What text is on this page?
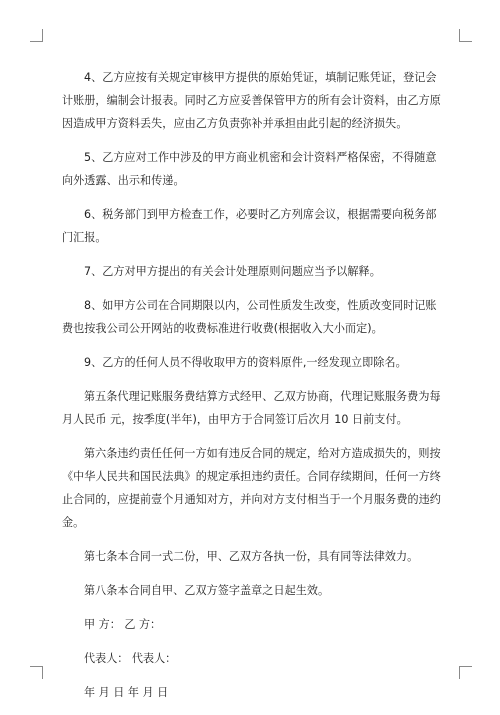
4、乙方应按有关规定审核甲方提供的原始凭证，填制记账凭证，登记会计账册，编制会计报表。同时乙方应妥善保管甲方的所有会计资料，由乙方原因造成甲方资料丢失，应由乙方负责弥补并承担由此引起的经济损失。

5、乙方应对工作中涉及的甲方商业机密和会计资料严格保密，不得随意向外透露、出示和传递。

6、税务部门到甲方检查工作，必要时乙方列席会议，根据需要向税务部门汇报。

7、乙方对甲方提出的有关会计处理原则问题应当予以解释。

8、如甲方公司在合同期限以内，公司性质发生改变，性质改变同时记账费也按我公司公开网站的收费标准进行收费(根据收入大小而定)。

9、乙方的任何人员不得收取甲方的资料原件,一经发现立即除名。

第五条代理记账服务费结算方式经甲、乙双方协商，代理记账服务费为每月人民币 元，按季度(半年)，由甲方于合同签订后次月 10 日前支付。

第六条违约责任任何一方如有违反合同的规定，给对方造成损失的，则按《中华人民共和国民法典》的规定承担违约责任。合同存续期间，任何一方终止合同的，应提前壹个月通知对方，并向对方支付相当于一个月服务费的违约金。

第七条本合同一式二份，甲、乙双方各执一份，具有同等法律效力。

第八条本合同自甲、乙双方签字盖章之日起生效。

甲 方： 乙 方：

代表人： 代表人：

年 月 日 年 月 日
